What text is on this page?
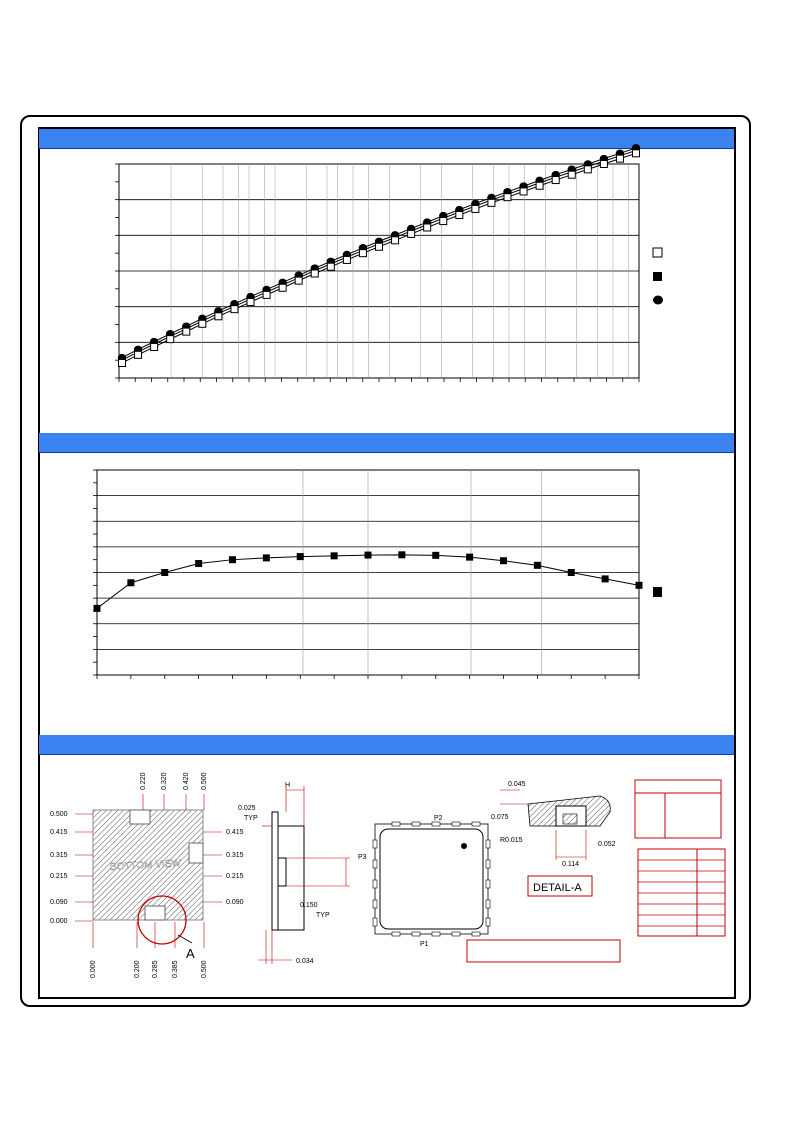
BOTTOM VIEW
A
0.500
0.415
0.315
0.215
0.090
0.000
0.415
0.315
0.215
0.090
0.220 0.320 0.420 0.500
0.000	0.200 0.285 0.385	0.500
H
0.025
TYP
0.150
TYP
0.034
P2
P3
P1
0.045
0.075
R0.015
0.114
0.052
DETAIL-A
